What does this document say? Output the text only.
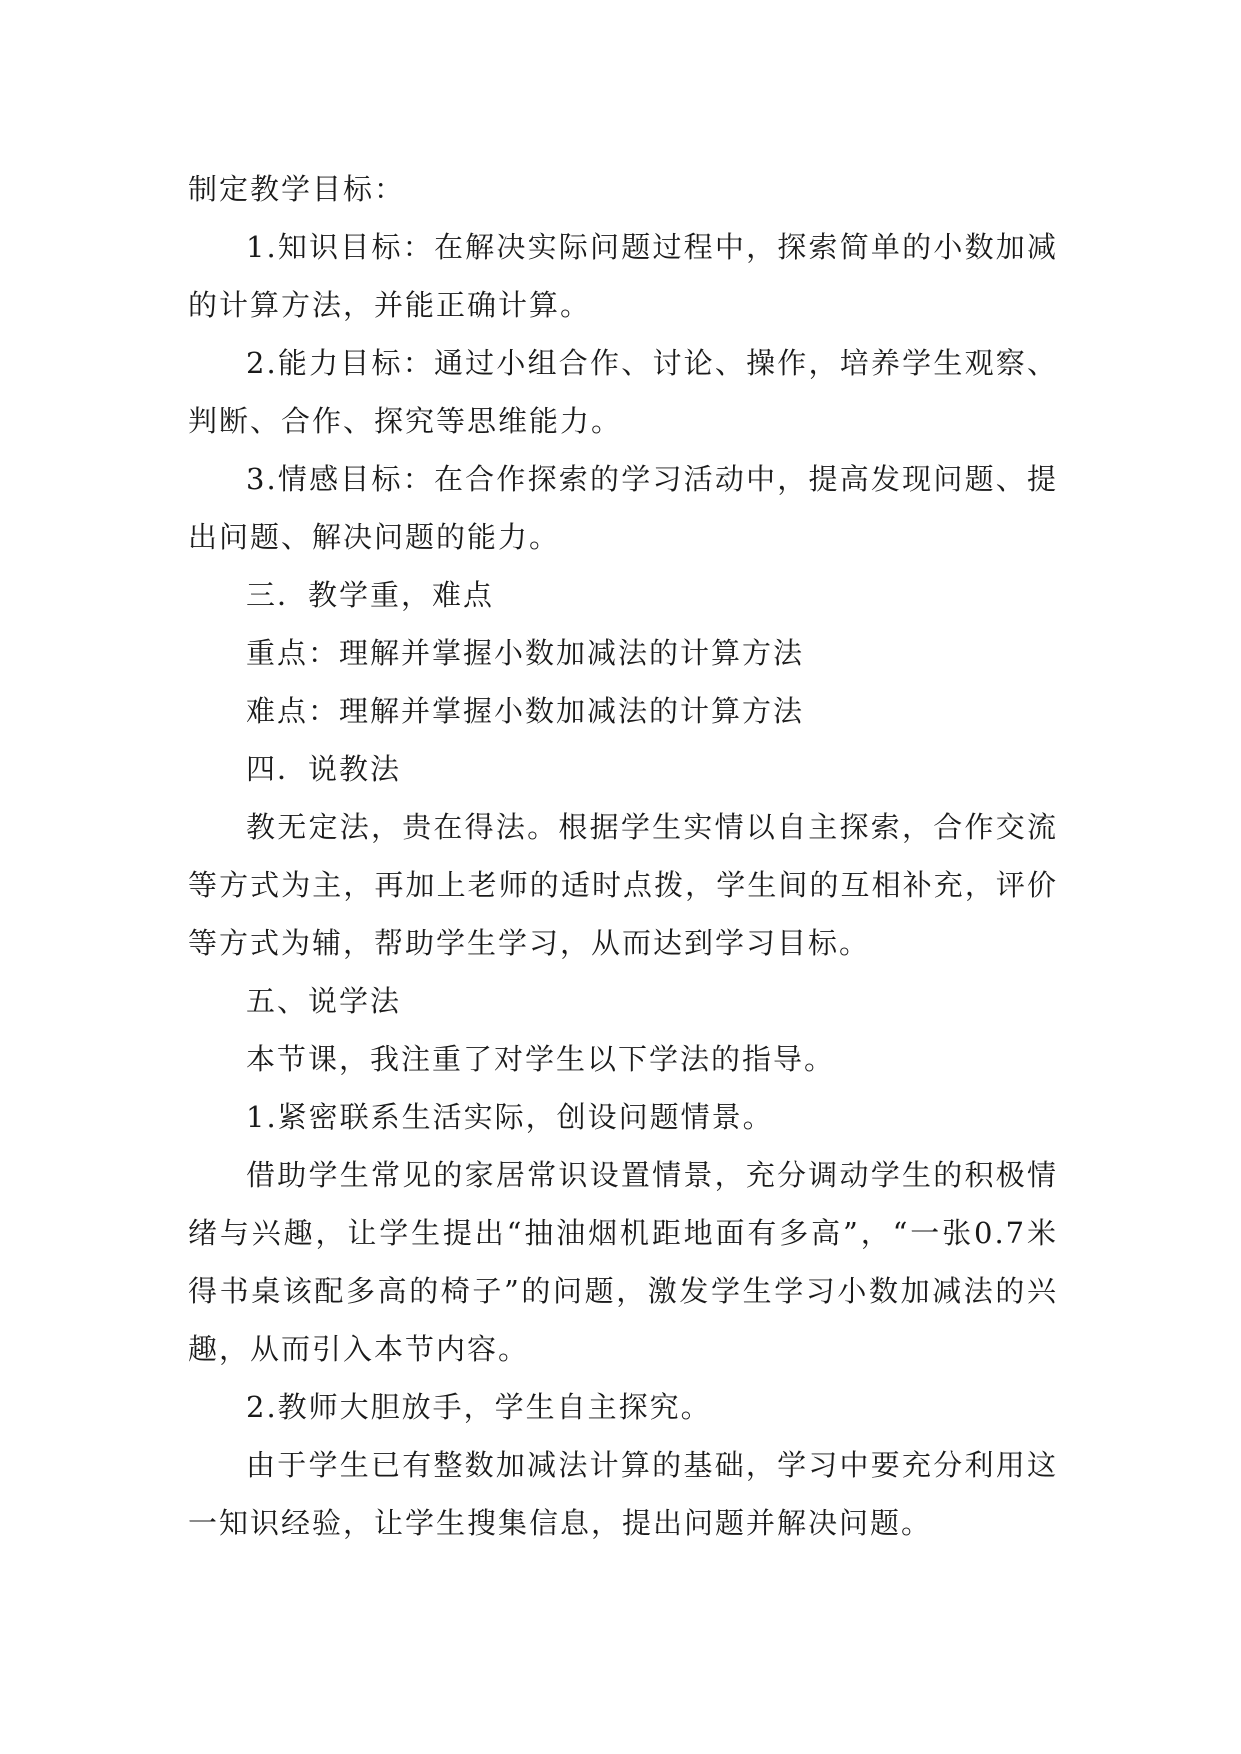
制定教学目标：

1.知识目标：在解决实际问题过程中，探索简单的小数加减的计算方法，并能正确计算。

2.能力目标：通过小组合作、讨论、操作，培养学生观察、判断、合作、探究等思维能力。

3.情感目标：在合作探索的学习活动中，提高发现问题、提出问题、解决问题的能力。

三．教学重，难点

重点：理解并掌握小数加减法的计算方法

难点：理解并掌握小数加减法的计算方法

四．说教法

教无定法，贵在得法。根据学生实情以自主探索，合作交流等方式为主，再加上老师的适时点拨，学生间的互相补充，评价等方式为辅，帮助学生学习，从而达到学习目标。

五、说学法

本节课，我注重了对学生以下学法的指导。

1.紧密联系生活实际，创设问题情景。

借助学生常见的家居常识设置情景，充分调动学生的积极情绪与兴趣，让学生提出“抽油烟机距地面有多高”，“一张0.7米得书桌该配多高的椅子”的问题，激发学生学习小数加减法的兴趣，从而引入本节内容。

2.教师大胆放手，学生自主探究。

由于学生已有整数加减法计算的基础，学习中要充分利用这一知识经验，让学生搜集信息，提出问题并解决问题。
